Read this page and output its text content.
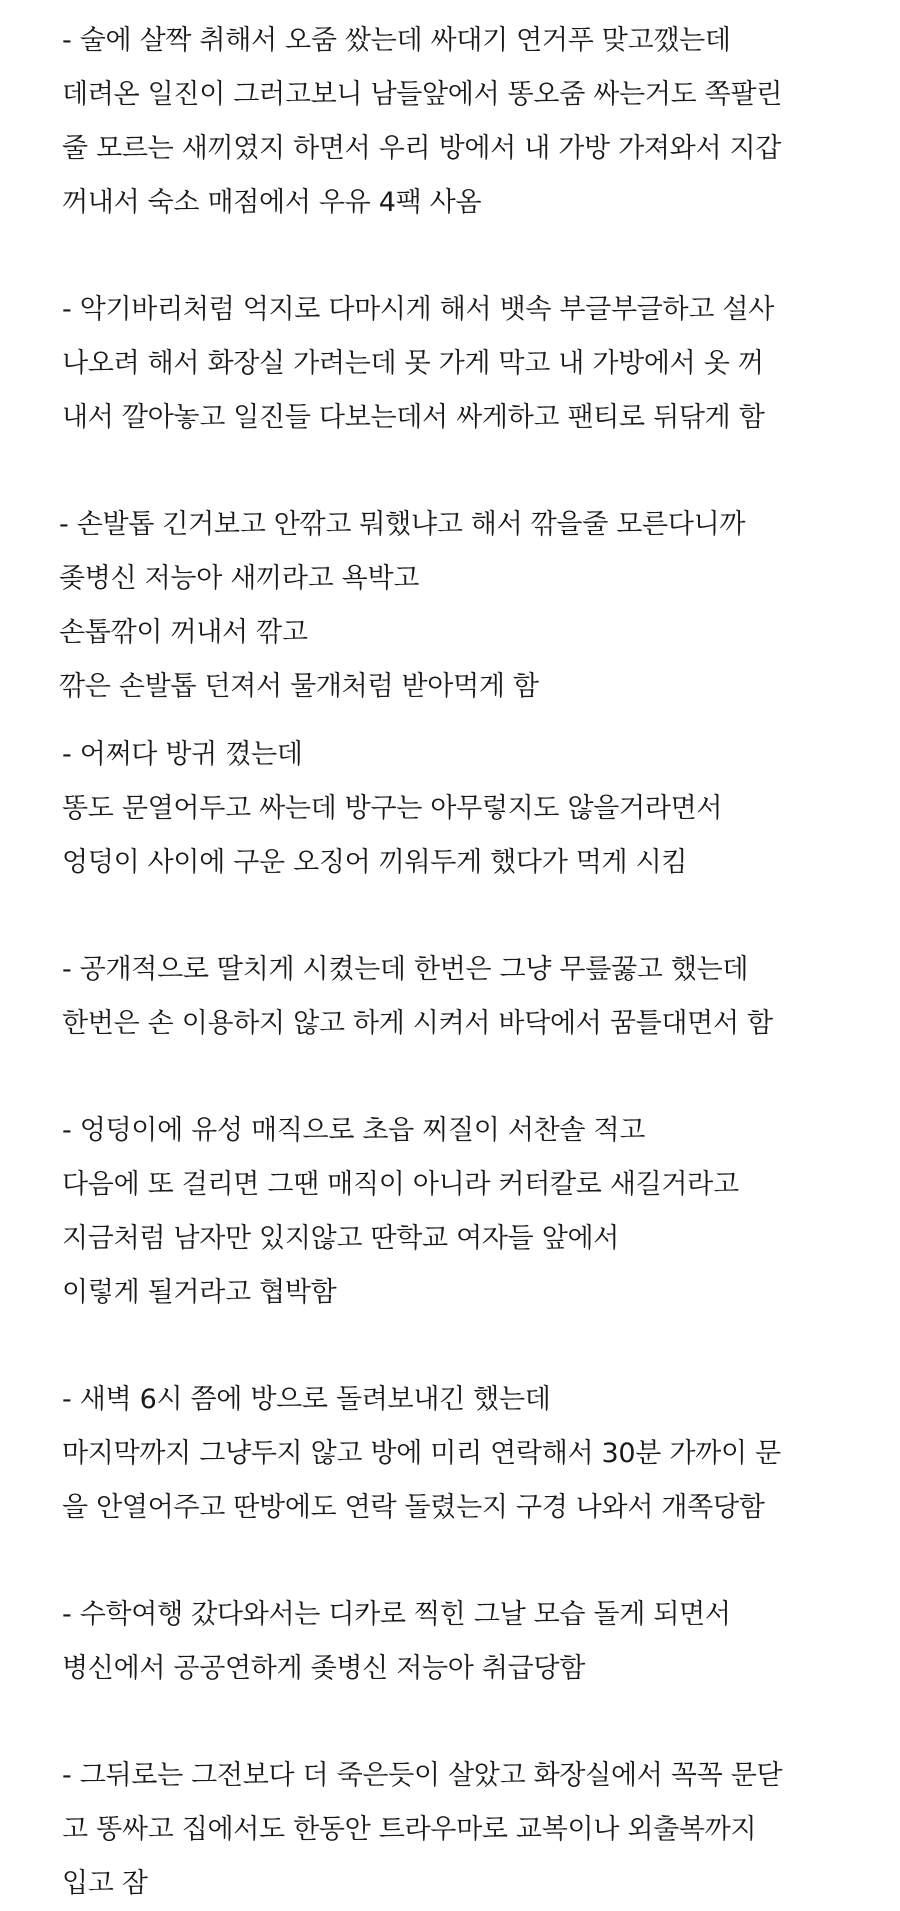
- 술에 살짝 취해서 오줌 쌌는데 싸대기 연거푸 맞고깼는데
데려온 일진이 그러고보니 남들앞에서 똥오줌 싸는거도 쪽팔린
줄 모르는 새끼였지 하면서 우리 방에서 내 가방 가져와서 지갑
꺼내서 숙소 매점에서 우유 4팩 사옴
- 악기바리처럼 억지로 다마시게 해서 뱃속 부글부글하고 설사
나오려 해서 화장실 가려는데 못 가게 막고 내 가방에서 옷 꺼
내서 깔아놓고 일진들 다보는데서 싸게하고 팬티로 뒤닦게 함
- 손발톱 긴거보고 안깎고 뭐했냐고 해서 깎을줄 모른다니까
좆병신 저능아 새끼라고 욕박고
손톱깎이 꺼내서 깎고
깎은 손발톱 던져서 물개처럼 받아먹게 함
- 어쩌다 방귀 꼈는데
똥도 문열어두고 싸는데 방구는 아무렇지도 않을거라면서
엉덩이 사이에 구운 오징어 끼워두게 했다가 먹게 시킴
- 공개적으로 딸치게 시켰는데 한번은 그냥 무릎꿇고 했는데
한번은 손 이용하지 않고 하게 시켜서 바닥에서 꿈틀대면서 함
- 엉덩이에 유성 매직으로 초읍 찌질이 서찬솔 적고
다음에 또 걸리면 그땐 매직이 아니라 커터칼로 새길거라고
지금처럼 남자만 있지않고 딴학교 여자들 앞에서
이렇게 될거라고 협박함
- 새벽 6시 쯤에 방으로 돌려보내긴 했는데
마지막까지 그냥두지 않고 방에 미리 연락해서 30분 가까이 문
을 안열어주고 딴방에도 연락 돌렸는지 구경 나와서 개쪽당함
- 수학여행 갔다와서는 디카로 찍힌 그날 모습 돌게 되면서
병신에서 공공연하게 좆병신 저능아 취급당함
- 그뒤로는 그전보다 더 죽은듯이 살았고 화장실에서 꼭꼭 문닫
고 똥싸고 집에서도 한동안 트라우마로 교복이나 외출복까지
입고 잠
